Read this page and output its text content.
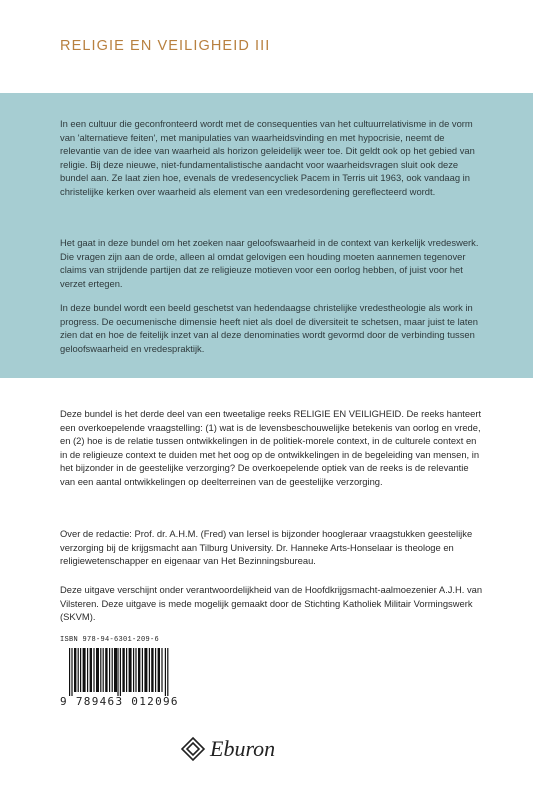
RELIGIE EN VEILIGHEID III

In een cultuur die geconfronteerd wordt met de consequenties van het cultuurrelativisme in de vorm van 'alternatieve feiten', met manipulaties van waarheidsvinding en met hypocrisie, neemt de relevantie van de idee van waarheid als horizon geleidelijk weer toe. Dit geldt ook op het gebied van religie. Bij deze nieuwe, niet-fundamentalistische aandacht voor waarheidsvragen sluit ook deze bundel aan. Ze laat zien hoe, evenals de vredesencycliek Pacem in Terris uit 1963, ook vandaag in christelijke kerken over waarheid als element van een vredesordening gereflecteerd wordt.

Het gaat in deze bundel om het zoeken naar geloofswaarheid in de context van kerkelijk vredeswerk. Die vragen zijn aan de orde, alleen al omdat gelovigen een houding moeten aannemen tegenover claims van strijdende partijen dat ze religieuze motieven voor een oorlog hebben, of juist voor het verzet ertegen.

In deze bundel wordt een beeld geschetst van hedendaagse christelijke vredestheologie als work in progress. De oecumenische dimensie heeft niet als doel de diversiteit te schetsen, maar juist te laten zien dat en hoe de feitelijk inzet van al deze denominaties wordt gevormd door de verbinding tussen geloofswaarheid en vredespraktijk.

Deze bundel is het derde deel van een tweetalige reeks RELIGIE EN VEILIGHEID. De reeks hanteert een overkoepelende vraagstelling: (1) wat is de levensbeschouwelijke betekenis van oorlog en vrede, en (2) hoe is de relatie tussen ontwikkelingen in de politiek-morele context, in de culturele context en in de religieuze context te duiden met het oog op de ontwikkelingen in de begeleiding van mensen, in het bijzonder in de geestelijke verzorging? De overkoepelende optiek van de reeks is de relevantie van een aantal ontwikkelingen op deelterreinen van de geestelijke verzorging.

Over de redactie: Prof. dr. A.H.M. (Fred) van Iersel is bijzonder hoogleraar vraagstukken geestelijke verzorging bij de krijgsmacht aan Tilburg University. Dr. Hanneke Arts-Honselaar is theologe en religiewetenschapper en eigenaar van Het Bezinningsbureau.

Deze uitgave verschijnt onder verantwoordelijkheid van de Hoofdkrijgsmacht-aalmoezenier A.J.H. van Vilsteren. Deze uitgave is mede mogelijk gemaakt door de Stichting Katholiek Militair Vormingswerk (SKVM).

ISBN 978-94-6301-209-6
9 789463 012096
Eburon
